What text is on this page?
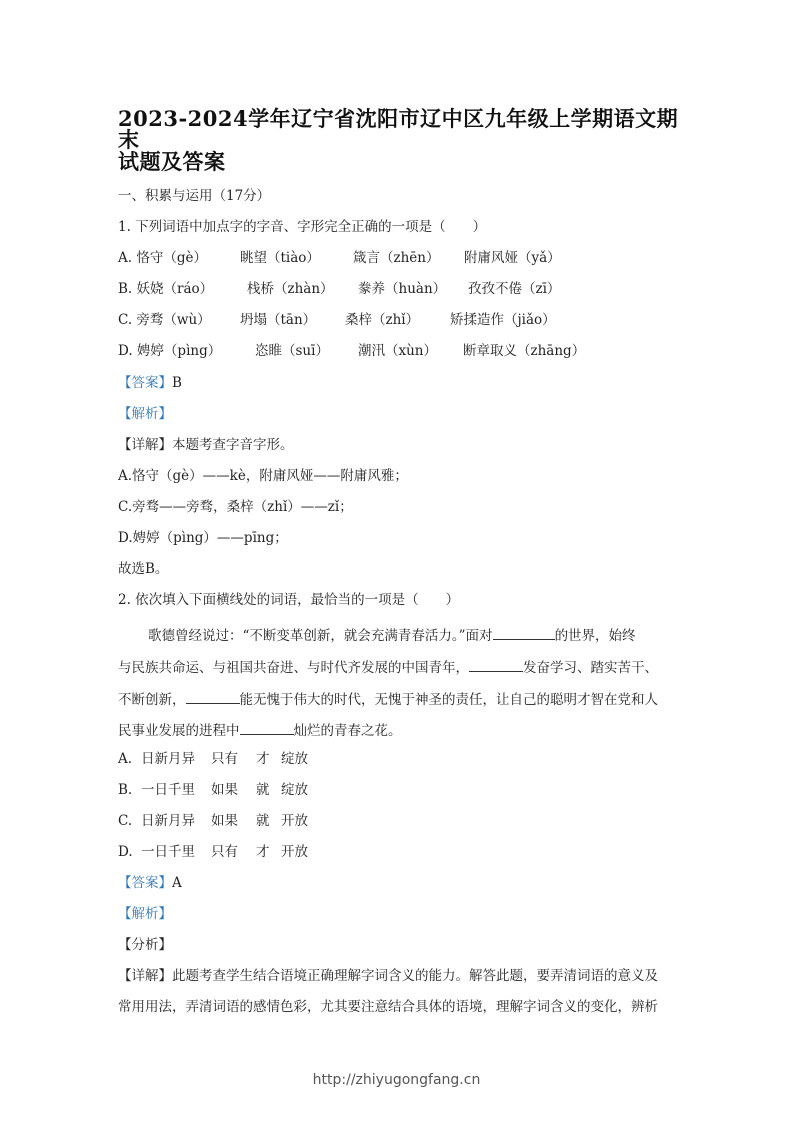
2023-2024学年辽宁省沈阳市辽中区九年级上学期语文期末
试题及答案
一、积累与运用（17分）
1. 下列词语中加点字的字音、字形完全正确的一项是（　　）
A. 恪守（gè） 眺望（tiào） 箴言（zhēn） 附庸风娅（yǎ）
B. 妖娆（ráo）	栈桥（zhàn） 豢养（huàn） 孜孜不倦（zī）
C. 旁骛（wù） 坍塌（tān） 桑梓（zhǐ） 矫揉造作（jiǎo）
D. 娉婷（pìng）	恣睢（suī） 潮汛（xùn） 断章取义（zhāng）
【答案】B
【解析】
【详解】本题考查字音字形。
A.恪守（gè）——kè，附庸风娅——附庸风雅；
C.旁骛——旁骛，桑梓（zhǐ）——zǐ；
D.娉婷（pìng）——pīng；
故选B。
2. 依次填入下面横线处的词语，最恰当的一项是（　　）
歌德曾经说过：“不断变革创新，就会充满青春活力。”面对	的世界，始终
与民族共命运、与祖国共奋进、与时代齐发展的中国青年，	发奋学习、踏实苦干、
不断创新，	能无愧于伟大的时代，无愧于神圣的责任，让自己的聪明才智在党和人
民事业发展的进程中	灿烂的青春之花。
A. 日新月异 只有 才 绽放
B. 一日千里 如果 就 绽放
C. 日新月异 如果 就 开放
D. 一日千里 只有 才 开放
【答案】A
【解析】
【分析】
【详解】此题考查学生结合语境正确理解字词含义的能力。解答此题，要弄清词语的意义及
常用用法，弄清词语的感情色彩，尤其要注意结合具体的语境，理解字词含义的变化，辨析
http://zhiyugongfang.cn
